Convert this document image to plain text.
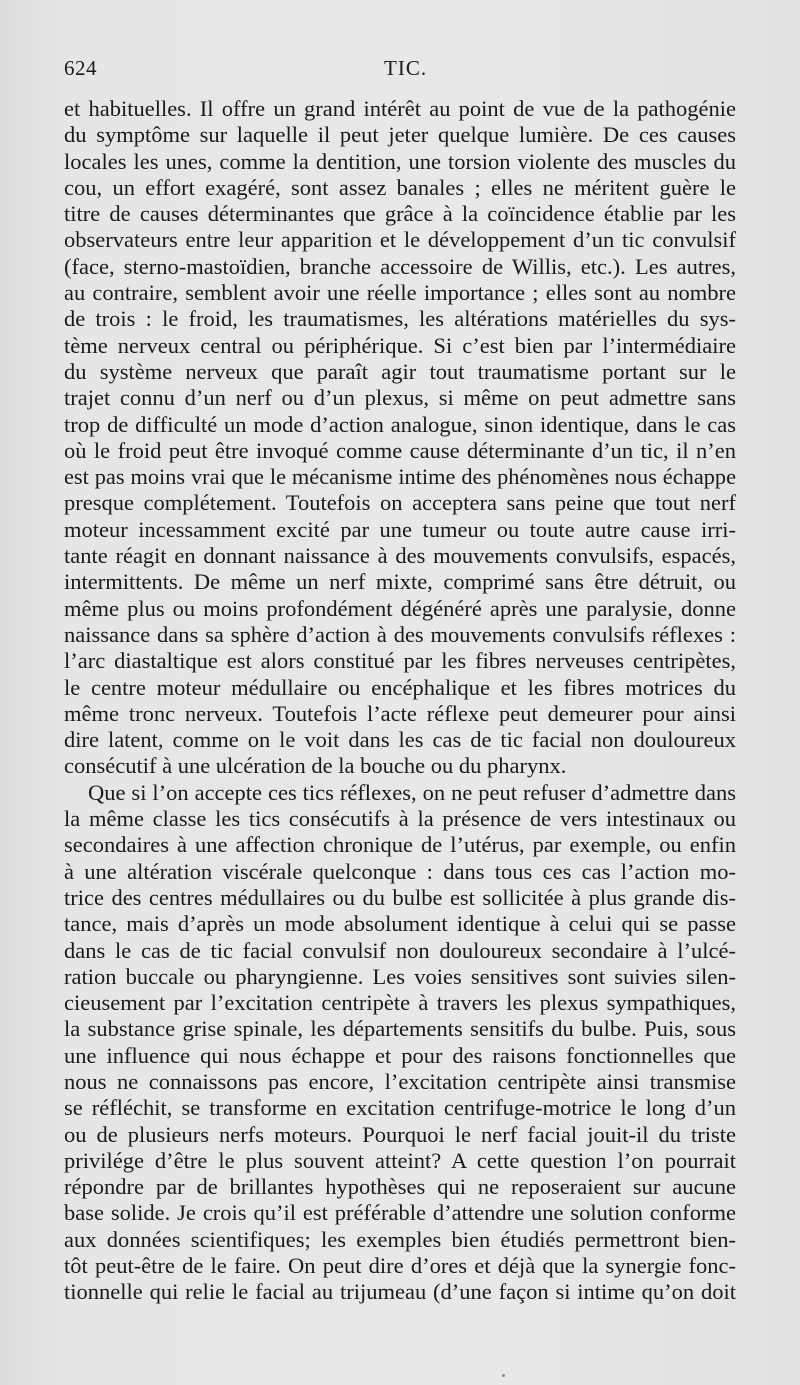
624	TIC.
et habituelles. Il offre un grand intérêt au point de vue de la pathogénie
du symptôme sur laquelle il peut jeter quelque lumière. De ces causes
locales les unes, comme la dentition, une torsion violente des muscles du
cou, un effort exagéré, sont assez banales ; elles ne méritent guère le
titre de causes déterminantes que grâce à la coïncidence établie par les
observateurs entre leur apparition et le développement d’un tic convulsif
(face, sterno-mastoïdien, branche accessoire de Willis, etc.). Les autres,
au contraire, semblent avoir une réelle importance ; elles sont au nombre
de trois : le froid, les traumatismes, les altérations matérielles du sys-
tème nerveux central ou périphérique. Si c’est bien par l’intermédiaire
du système nerveux que paraît agir tout traumatisme portant sur le
trajet connu d’un nerf ou d’un plexus, si même on peut admettre sans
trop de difficulté un mode d’action analogue, sinon identique, dans le cas
où le froid peut être invoqué comme cause déterminante d’un tic, il n’en
est pas moins vrai que le mécanisme intime des phénomènes nous échappe
presque complétement. Toutefois on acceptera sans peine que tout nerf
moteur incessamment excité par une tumeur ou toute autre cause irri-
tante réagit en donnant naissance à des mouvements convulsifs, espacés,
intermittents. De même un nerf mixte, comprimé sans être détruit, ou
même plus ou moins profondément dégénéré après une paralysie, donne
naissance dans sa sphère d’action à des mouvements convulsifs réflexes :
l’arc diastaltique est alors constitué par les fibres nerveuses centripètes,
le centre moteur médullaire ou encéphalique et les fibres motrices du
même tronc nerveux. Toutefois l’acte réflexe peut demeurer pour ainsi
dire latent, comme on le voit dans les cas de tic facial non douloureux
consécutif à une ulcération de la bouche ou du pharynx.
Que si l’on accepte ces tics réflexes, on ne peut refuser d’admettre dans
la même classe les tics consécutifs à la présence de vers intestinaux ou
secondaires à une affection chronique de l’utérus, par exemple, ou enfin
à une altération viscérale quelconque : dans tous ces cas l’action mo-
trice des centres médullaires ou du bulbe est sollicitée à plus grande dis-
tance, mais d’après un mode absolument identique à celui qui se passe
dans le cas de tic facial convulsif non douloureux secondaire à l’ulcé-
ration buccale ou pharyngienne. Les voies sensitives sont suivies silen-
cieusement par l’excitation centripète à travers les plexus sympathiques,
la substance grise spinale, les départements sensitifs du bulbe. Puis, sous
une influence qui nous échappe et pour des raisons fonctionnelles que
nous ne connaissons pas encore, l’excitation centripète ainsi transmise
se réfléchit, se transforme en excitation centrifuge-motrice le long d’un
ou de plusieurs nerfs moteurs. Pourquoi le nerf facial jouit-il du triste
privilége d’être le plus souvent atteint? A cette question l’on pourrait
répondre par de brillantes hypothèses qui ne reposeraient sur aucune
base solide. Je crois qu’il est préférable d’attendre une solution conforme
aux données scientifiques; les exemples bien étudiés permettront bien-
tôt peut-être de le faire. On peut dire d’ores et déjà que la synergie fonc-
tionnelle qui relie le facial au trijumeau (d’une façon si intime qu’on doit
